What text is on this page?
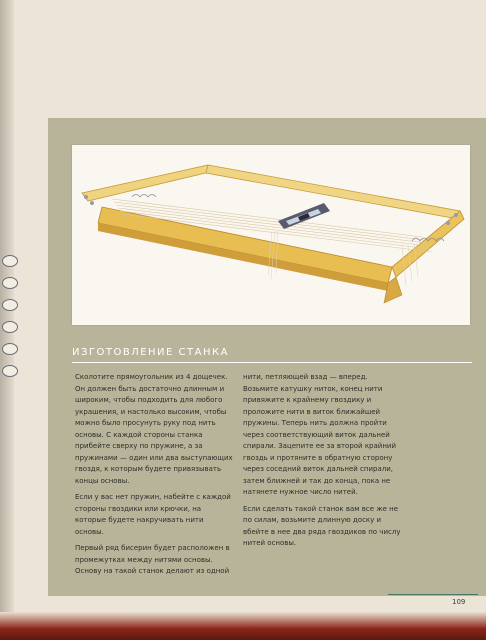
ИЗГОТОВЛЕНИЕ СТАНКА

Сколотите прямоугольник из 4 дощечек. Он должен быть достаточно длинным и широким, чтобы подходить для любого украшения, и настолько высоким, чтобы можно было просунуть руку под нить основы. С каждой стороны станка прибейте сверху по пружине, а за пружинами — один или два выступающих гвоздя, к которым будете привязывать концы основы.

Если у вас нет пружин, набейте с каждой стороны гвоздики или крючки, на которые будете накручивать нити основы.

Первый ряд бисерин будет расположен в промежутках между нитями основы. Основу на такой станок делают из одной

нити, петляющей взад — вперед. Возьмите катушку ниток, конец нити привяжите к крайнему гвоздику и проложите нити в виток ближайшей пружины. Теперь нить должна пройти через соответствующий виток дальней спирали. Зацепите ее за второй крайний гвоздь и протяните в обратную сторону через соседний виток дальней спирали, затем ближней и так до конца, пока не натянете нужное число нитей.

Если сделать такой станок вам все же не по силам, возьмите длинную доску и вбейте в нее два ряда гвоздиков по числу нитей основы.

109
